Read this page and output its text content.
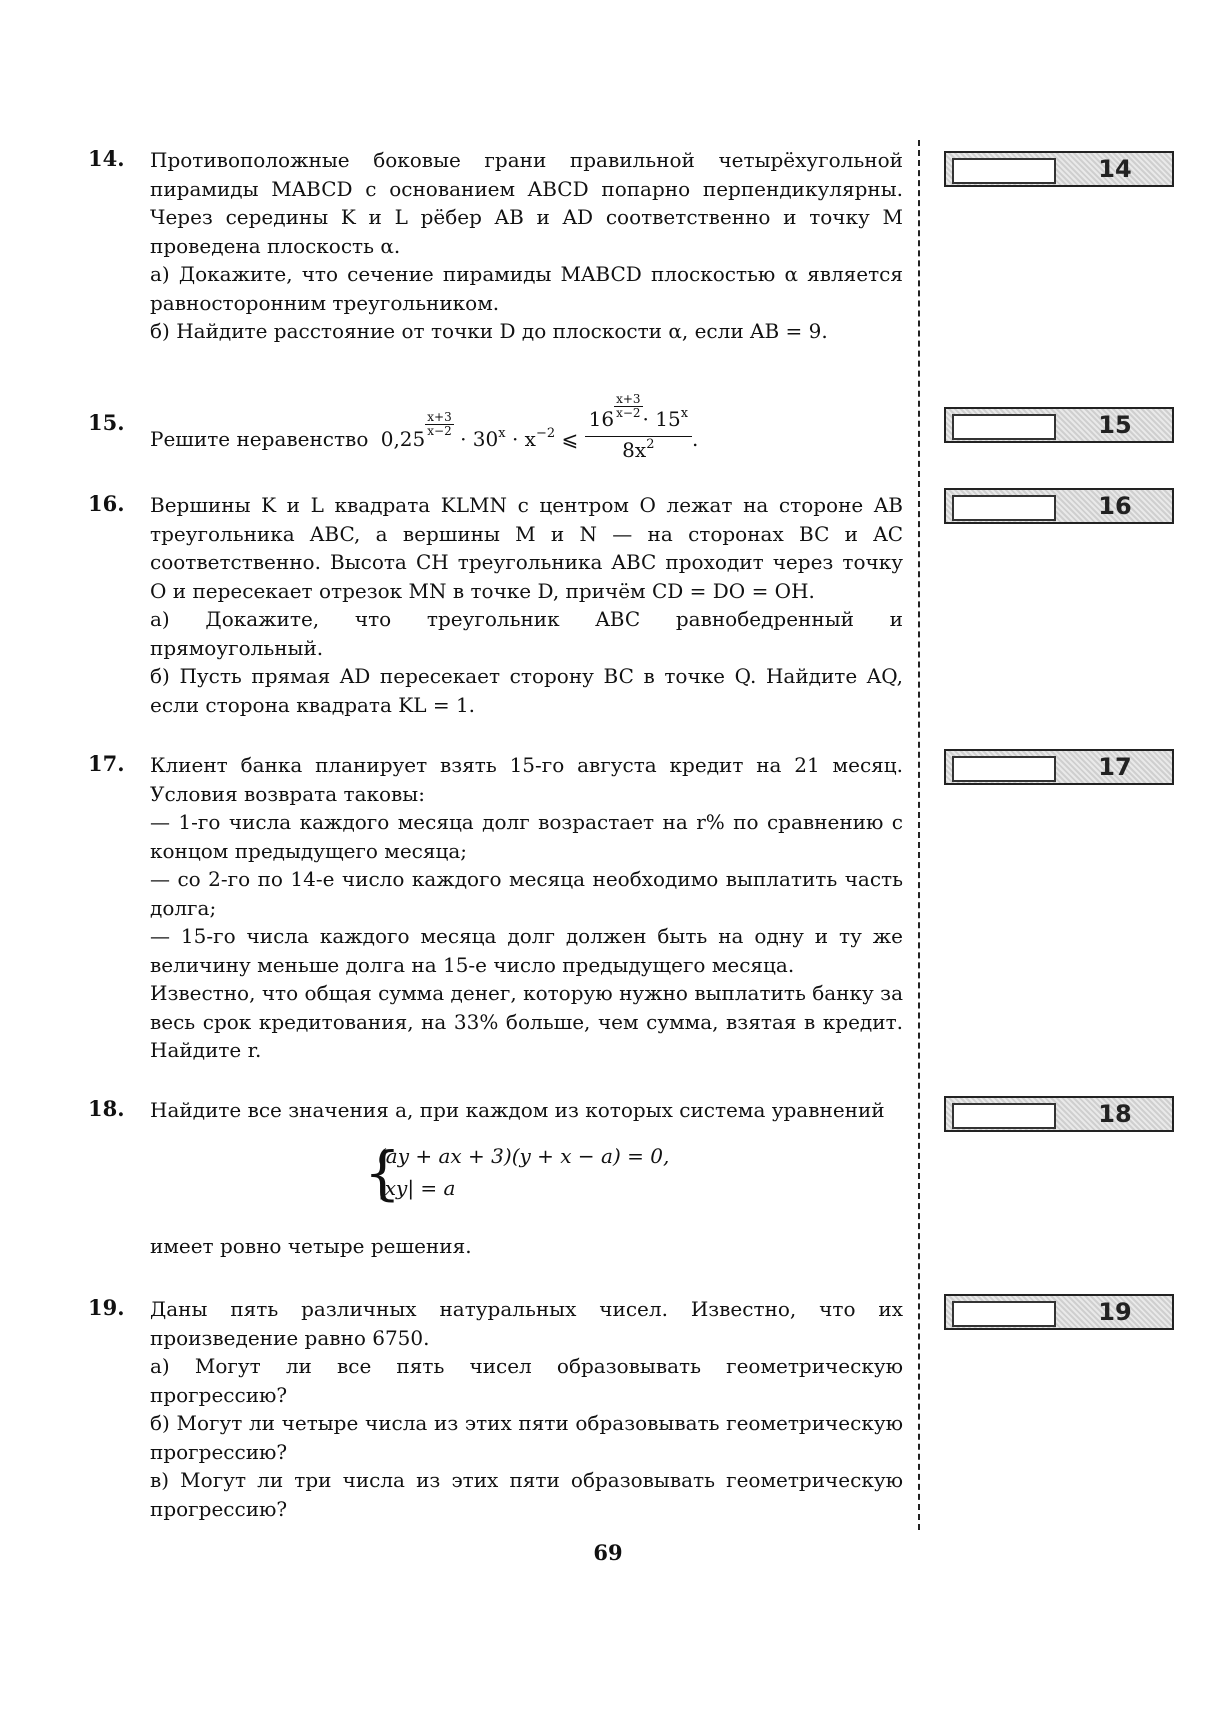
14. Противоположные боковые грани правильной четырёхугольной пирамиды MABCD с основанием ABCD попарно перпендикулярны. Через середины K и L рёбер AB и AD соответственно и точку M проведена плоскость α.

а) Докажите, что сечение пирамиды MABCD плоскостью α является равносторонним треугольником.

б) Найдите расстояние от точки D до плоскости α, если AB = 9.

15.
Решите неравенство 0,25
$\frac{x+3}{x-2}$
· $30^x \cdot x^{-2}$ ⩽ $\frac{16 \frac{x+3}{x-2} \cdot 15^x}{8x^2}$ .
16. Вершины K и L квадрата KLMN с центром O лежат на стороне AB треугольника ABC, а вершины M и N — на сторонах BC и AC соответственно. Высота CH треугольника ABC проходит через точку O и пересекает отрезок MN в точке D, причём CD = DO = OH.

а) Докажите, что треугольник ABC равнобедренный и прямоугольный.

б) Пусть прямая AD пересекает сторону BC в точке Q. Найдите AQ, если сторона квадрата KL = 1.

17. Клиент банка планирует взять 15-го августа кредит на 21 месяц. Условия возврата таковы:

— 1-го числа каждого месяца долг возрастает на r% по сравнению с концом предыдущего месяца;

— со 2-го по 14-е число каждого месяца необходимо выплатить часть долга;

— 15-го числа каждого месяца долг должен быть на одну и ту же величину меньше долга на 15-е число предыдущего месяца.

Известно, что общая сумма денег, которую нужно выплатить банку за весь срок кредитования, на 33% больше, чем сумма, взятая в кредит. Найдите r.

18. Найдите все значения a, при каждом из которых система уравнений

{
(ay + ax + 3)(y + x − a) = 0,
|xy| = a

имеет ровно четыре решения.

19. Даны пять различных натуральных чисел. Известно, что их произведение равно 6750.

а) Могут ли все пять чисел образовывать геометрическую прогрессию?

б) Могут ли четыре числа из этих пяти образовывать геометрическую прогрессию?

в) Могут ли три числа из этих пяти образовывать геометрическую прогрессию?

14
15
16
17
18
19
69
